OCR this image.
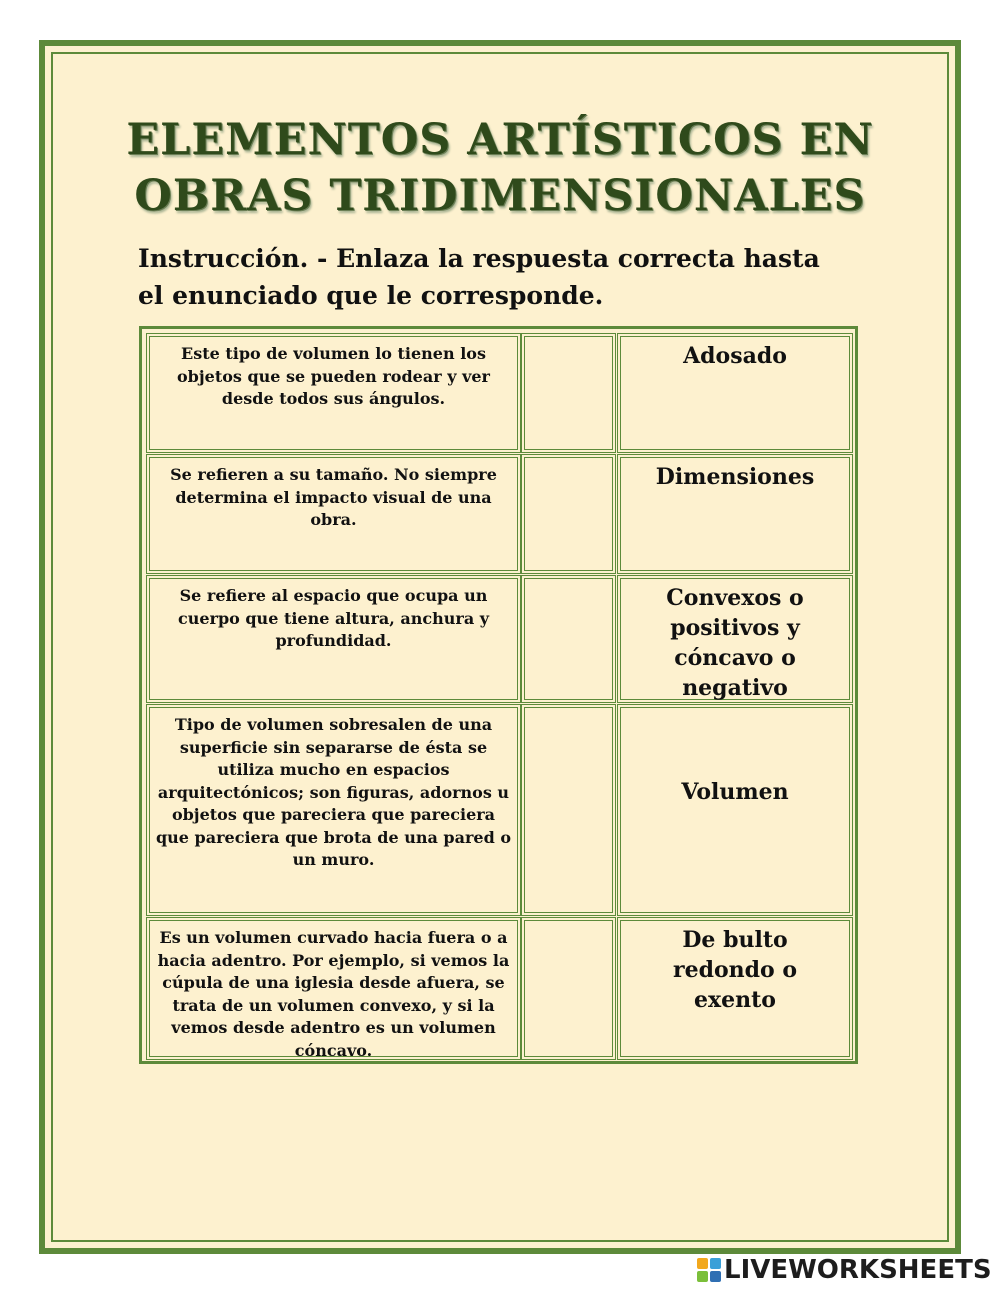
ELEMENTOS ARTÍSTICOS EN
OBRAS TRIDIMENSIONALES
Instrucción. - Enlaza la respuesta correcta hasta
el enunciado que le corresponde.
Este tipo de volumen lo tienen los objetos que se pueden rodear y ver desde todos sus ángulos.
Adosado
Se refieren a su tamaño. No siempre determina el impacto visual de una obra.
Dimensiones
Se refiere al espacio que ocupa un cuerpo que tiene altura, anchura y profundidad.
Convexos o positivos y cóncavo o negativo
Tipo de volumen sobresalen de una superficie sin separarse de ésta se utiliza mucho en espacios arquitectónicos; son figuras, adornos u objetos que pareciera que pareciera que pareciera que brota de una pared o un muro.
Volumen
Es un volumen curvado hacia fuera o a hacia adentro. Por ejemplo, si vemos la cúpula de una iglesia desde afuera, se trata de un volumen convexo, y si la vemos desde adentro es un volumen cóncavo.
De bulto redondo o exento
LIVEWORKSHEETS
